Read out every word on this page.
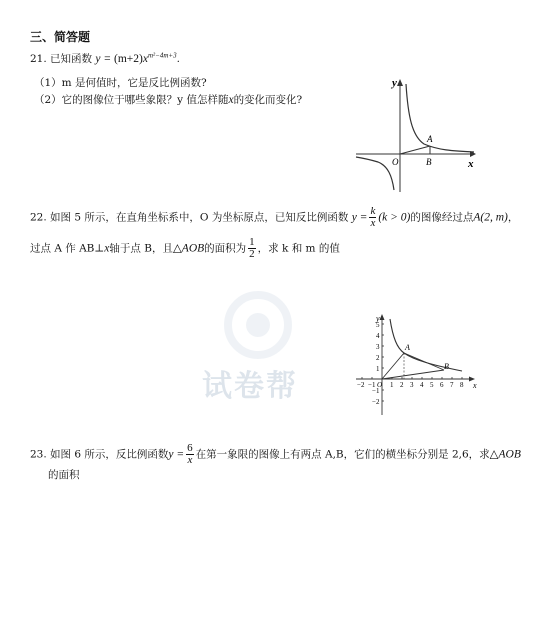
三、简答题
21. 已知函数 $y = (m+2)x^{m^2-4m+3}$.
（1）m 是何值时，它是反比例函数?
（2）它的图像位于哪些象限？y 值怎样随x的变化而变化?
y
x
O
A
B
22. 如图 5 所示，在直角坐标系中，O 为坐标原点，已知反比例函数 $y = \frac{k}{x} (k > 0)$的图像经过点A(2, m)，
过点 A 作 AB⊥x轴于点 B，且△AOB的面积为 $\frac{1}{2}$ ，求 k 和 m 的值
试卷帮
y
x
A
B
−2 −1 O 1 2 3 4 5 6 7 8
5
4
3
2
1
−1
−2
23. 如图 6 所示，反比例函数$y = \frac{6}{x}$ 在第一象限的图像上有两点 A,B，它们的横坐标分别是 2,6，求△AOB
的面积
